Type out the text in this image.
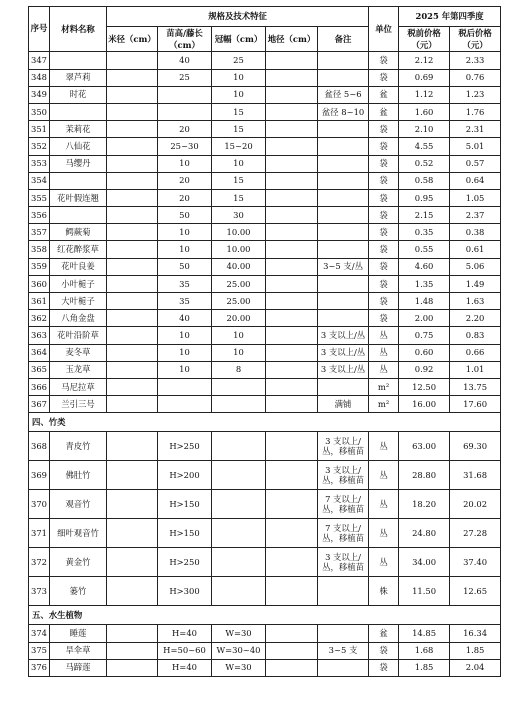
序号	材料名称	规格及技术特征					单位	2025 年第四季度	
		米径（cm）	苗高/藤长（cm）	冠幅（cm）	地径（cm）	备注		税前价格（元）	税后价格（元）
347			40	25			袋	2.12	2.33
348	翠芦莉		25	10			袋	0.69	0.76
349	时花			10		盆径 5~6	盆	1.12	1.23
350				15		盆径 8~10	盆	1.60	1.76
351	茉莉花		20	15			袋	2.10	2.31
352	八仙花		25~30	15~20			袋	4.55	5.01
353	马缨丹		10	10			袋	0.52	0.57
354			20	15			袋	0.58	0.64
355	花叶假连翘		20	15			袋	0.95	1.05
356			50	30			袋	2.15	2.37
357	鳄蕨菊		10	10.00			袋	0.35	0.38
358	红花醉浆草		10	10.00			袋	0.55	0.61
359	花叶良姜		50	40.00		3~5 支/丛	袋	4.60	5.06
360	小叶栀子		35	25.00			袋	1.35	1.49
361	大叶栀子		35	25.00			袋	1.48	1.63
362	八角金盘		40	20.00			袋	2.00	2.20
363	花叶沿阶草		10	10		3 支以上/丛	丛	0.75	0.83
364	麦冬草		10	10		3 支以上/丛	丛	0.60	0.66
365	玉龙草		10	8		3 支以上/丛	丛	0.92	1.01
366	马尼拉草						m²	12.50	13.75
367	兰引三号					满铺	m²	16.00	17.60
四、竹类									
368	青皮竹		H>250			3 支以上/丛，移植苗	丛	63.00	69.30
369	佛肚竹		H>200			3 支以上/丛，移植苗	丛	28.80	31.68
370	观音竹		H>150			7 支以上/丛，移植苗	丛	18.20	20.02
371	细叶观音竹		H>150			7 支以上/丛，移植苗	丛	24.80	27.28
372	黄金竹		H>250			3 支以上/丛，移植苗	丛	34.00	37.40
373	篓竹		H>300				株	11.50	12.65
五、水生植物									
374	睡莲		H=40	W=30			盆	14.85	16.34
375	旱伞草		H=50~60	W=30~40		3~5 支	袋	1.68	1.85
376	马蹄莲		H=40	W=30			袋	1.85	2.04
